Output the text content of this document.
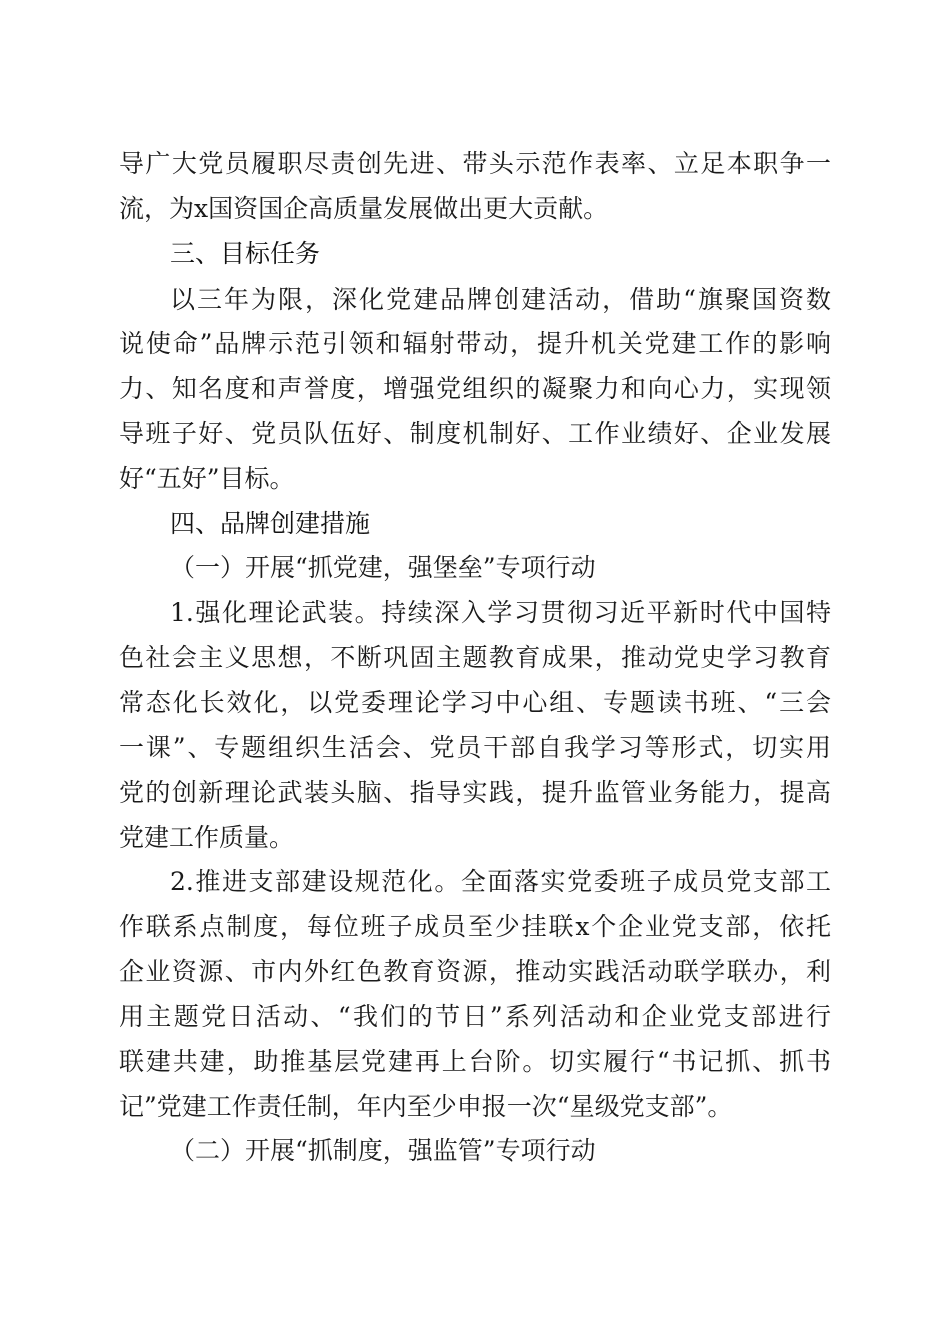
导广大党员履职尽责创先进、带头示范作表率、立足本职争一
流，为x国资国企高质量发展做出更大贡献。
三、目标任务
以三年为限，深化党建品牌创建活动，借助“旗聚国资数
说使命”品牌示范引领和辐射带动，提升机关党建工作的影响
力、知名度和声誉度，增强党组织的凝聚力和向心力，实现领
导班子好、党员队伍好、制度机制好、工作业绩好、企业发展
好“五好”目标。
四、品牌创建措施
（一）开展“抓党建，强堡垒”专项行动
1.强化理论武装。持续深入学习贯彻习近平新时代中国特
色社会主义思想，不断巩固主题教育成果，推动党史学习教育
常态化长效化，以党委理论学习中心组、专题读书班、“三会
一课”、专题组织生活会、党员干部自我学习等形式，切实用
党的创新理论武装头脑、指导实践，提升监管业务能力，提高
党建工作质量。
2.推进支部建设规范化。全面落实党委班子成员党支部工
作联系点制度，每位班子成员至少挂联x个企业党支部，依托
企业资源、市内外红色教育资源，推动实践活动联学联办，利
用主题党日活动、“我们的节日”系列活动和企业党支部进行
联建共建，助推基层党建再上台阶。切实履行“书记抓、抓书
记”党建工作责任制，年内至少申报一次“星级党支部”。
（二）开展“抓制度，强监管”专项行动
